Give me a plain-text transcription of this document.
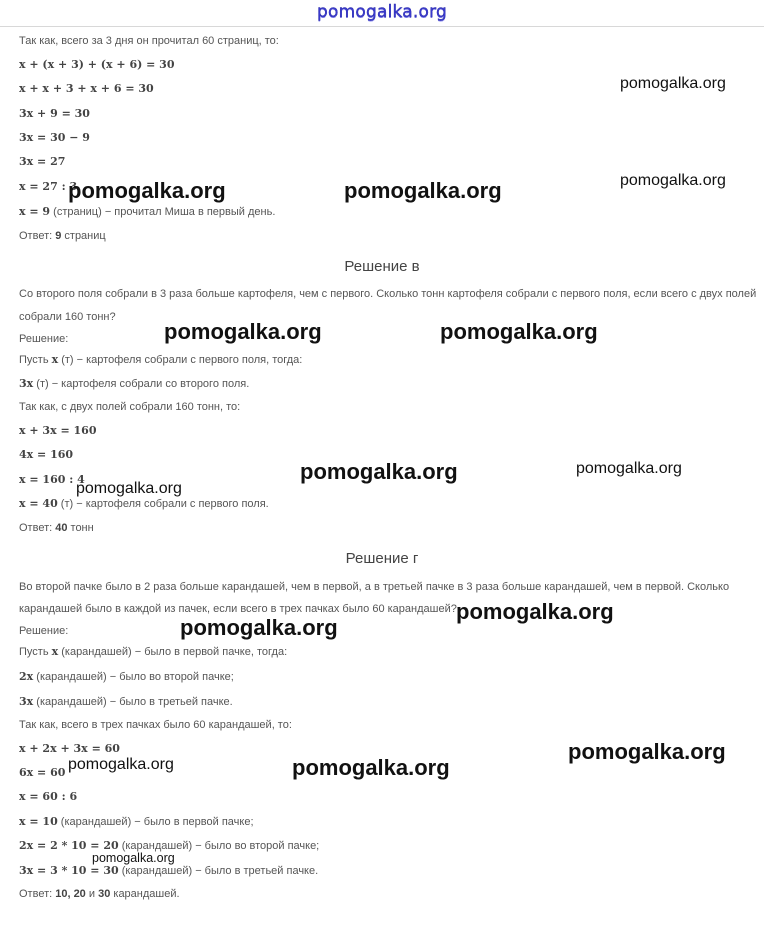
pomogalka.org
Так как, всего за 3 дня он прочитал 60 страниц, то:
x + (x + 3) + (x + 6) = 30
x + x + 3 + x + 6 = 30
3x + 9 = 30
3x = 30 − 9
3x = 27
x = 27 : 3
x = 9 (страниц) − прочитал Миша в первый день.
Ответ: 9 страниц
Решение в
Со второго поля собрали в 3 раза больше картофеля, чем с первого. Сколько тонн картофеля собрали с первого поля, если всего с двух полей
собрали 160 тонн?
Решение:
Пусть x (т) − картофеля собрали с первого поля, тогда:
3x (т) − картофеля собрали со второго поля.
Так как, с двух полей собрали 160 тонн, то:
x + 3x = 160
4x = 160
x = 160 : 4
x = 40 (т) − картофеля собрали с первого поля.
Ответ: 40 тонн
Решение г
Во второй пачке было в 2 раза больше карандашей, чем в первой, а в третьей пачке в 3 раза больше карандашей, чем в первой. Сколько
карандашей было в каждой из пачек, если всего в трех пачках было 60 карандашей?
Решение:
Пусть x (карандашей) − было в первой пачке, тогда:
2x (карандашей) − было во второй пачке;
3x (карандашей) − было в третьей пачке.
Так как, всего в трех пачках было 60 карандашей, то:
x + 2x + 3x = 60
6x = 60
x = 60 : 6
x = 10 (карандашей) − было в первой пачке;
2x = 2 * 10 = 20 (карандашей) − было во второй пачке;
3x = 3 * 10 = 30 (карандашей) − было в третьей пачке.
Ответ: 10, 20 и 30 карандашей.
pomogalka.org
pomogalka.org	pomogalka.org	pomogalka.org
pomogalka.org	pomogalka.org
pomogalka.org	pomogalka.org
pomogalka.org
pomogalka.org
pomogalka.org
pomogalka.org
pomogalka.org	pomogalka.org
pomogalka.org
